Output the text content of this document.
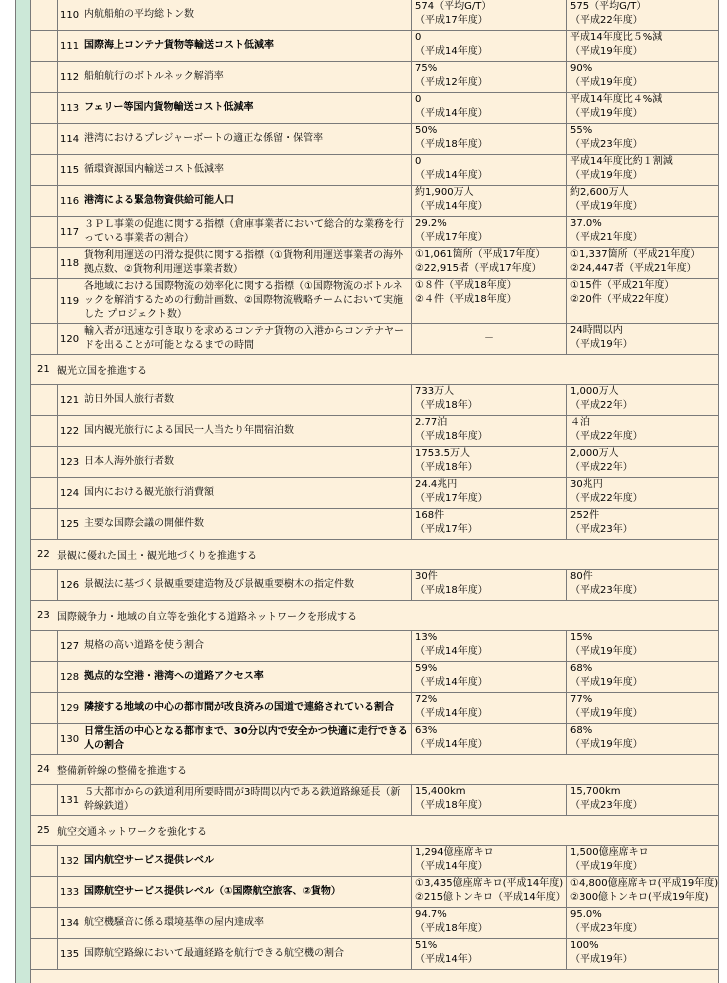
110 内航船舶の平均総トン数
574（平均G/T）
（平成17年度）
575（平均G/T）
（平成22年度）
111 国際海上コンテナ貨物等輸送コスト低減率
0
（平成14年度）
平成14年度比５%減
（平成19年度）
112 船舶航行のボトルネック解消率
75%
（平成12年度）
90%
（平成19年度）
113 フェリー等国内貨物輸送コスト低減率
0
（平成14年度）
平成14年度比４%減
（平成19年度）
114 港湾におけるプレジャーボートの適正な係留・保管率
50%
（平成18年度）
55%
（平成23年度）
115 循環資源国内輸送コスト低減率
0
（平成14年度）
平成14年度比約１割減
（平成19年度）
116 港湾による緊急物資供給可能人口
約1,900万人
（平成14年度）
約2,600万人
（平成19年度）
117
３ＰＬ事業の促進に関する指標（倉庫事業者において総合的な業務を行っている事業者の割合）
29.2%
（平成17年度）
37.0%
（平成21年度）
118
貨物利用運送の円滑な提供に関する指標（①貨物利用運送事業者の海外拠点数、②貨物利用運送事業者数）
①1,061箇所（平成17年度）
②22,915者（平成17年度）
①1,337箇所（平成21年度）
②24,447者（平成21年度）
119
各地域における国際物流の効率化に関する指標（①国際物流のボトルネックを解消するための行動計画数、②国際物流戦略チームにおいて実施した プロジェクト数）
①８件（平成18年度）
②４件（平成18年度）
①15件（平成21年度）
②20件（平成22年度）
120
輸入者が迅速な引き取りを求めるコンテナ貨物の入港からコンテナヤードを出ることが可能となるまでの時間
－
24時間以内
（平成19年）
21 観光立国を推進する
121 訪日外国人旅行者数
733万人
（平成18年）
1,000万人
（平成22年）
122 国内観光旅行による国民一人当たり年間宿泊数
2.77泊
（平成18年度）
４泊
（平成22年度）
123 日本人海外旅行者数
1753.5万人
（平成18年）
2,000万人
（平成22年）
124 国内における観光旅行消費額
24.4兆円
（平成17年度）
30兆円
（平成22年度）
125 主要な国際会議の開催件数
168件
（平成17年）
252件
（平成23年）
22 景観に優れた国土・観光地づくりを推進する
126 景観法に基づく景観重要建造物及び景観重要樹木の指定件数
30件
（平成18年度）
80件
（平成23年度）
23 国際競争力・地域の自立等を強化する道路ネットワークを形成する
127 規格の高い道路を使う割合
13%
（平成14年度）
15%
（平成19年度）
128 拠点的な空港・港湾への道路アクセス率
59%
（平成14年度）
68%
（平成19年度）
129 隣接する地域の中心の都市間が改良済みの国道で連絡されている割合
72%
（平成14年度）
77%
（平成19年度）
130
日常生活の中心となる都市まで、30分以内で安全かつ快適に走行できる人の割合
63%
（平成14年度）
68%
（平成19年度）
24 整備新幹線の整備を推進する
131
５大都市からの鉄道利用所要時間が3時間以内である鉄道路線延長（新幹線鉄道）
15,400km
（平成18年度）
15,700km
（平成23年度）
25 航空交通ネットワークを強化する
132 国内航空サービス提供レベル
1,294億座席キロ
（平成14年度）
1,500億座席キロ
（平成19年度）
133 国際航空サービス提供レベル（①国際航空旅客、②貨物）
①3,435億座席キロ(平成14年度)
②215億トンキロ（平成14年度）
①4,800億座席キロ(平成19年度)
②300億トンキロ(平成19年度)
134 航空機騒音に係る環境基準の屋内達成率
94.7%
（平成18年度）
95.0%
（平成23年度）
135 国際航空路線において最適経路を航行できる航空機の割合
51%
（平成14年）
100%
（平成19年）
